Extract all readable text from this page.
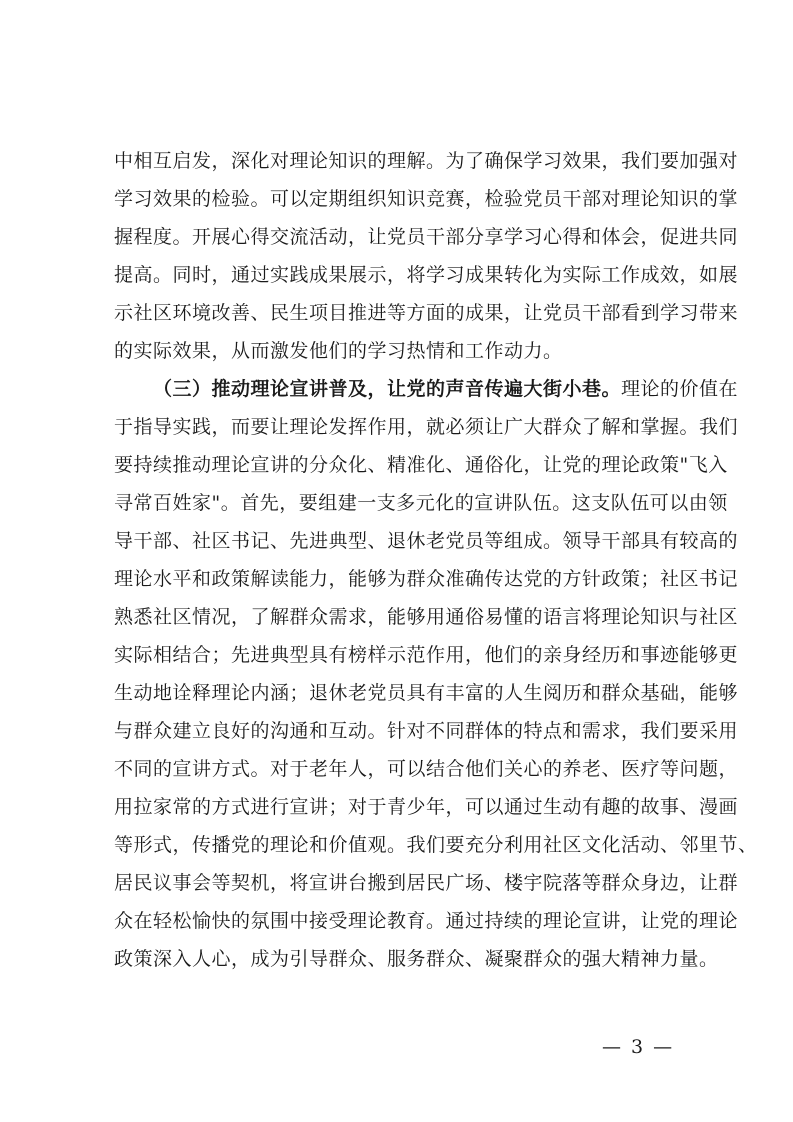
中相互启发，深化对理论知识的理解。为了确保学习效果，我们要加强对
学习效果的检验。可以定期组织知识竞赛，检验党员干部对理论知识的掌
握程度。开展心得交流活动，让党员干部分享学习心得和体会，促进共同
提高。同时，通过实践成果展示，将学习成果转化为实际工作成效，如展
示社区环境改善、民生项目推进等方面的成果，让党员干部看到学习带来
的实际效果，从而激发他们的学习热情和工作动力。
（三）推动理论宣讲普及，让党的声音传遍大街小巷。理论的价值在
于指导实践，而要让理论发挥作用，就必须让广大群众了解和掌握。我们
要持续推动理论宣讲的分众化、精准化、通俗化，让党的理论政策"飞入
寻常百姓家"。首先，要组建一支多元化的宣讲队伍。这支队伍可以由领
导干部、社区书记、先进典型、退休老党员等组成。领导干部具有较高的
理论水平和政策解读能力，能够为群众准确传达党的方针政策；社区书记
熟悉社区情况，了解群众需求，能够用通俗易懂的语言将理论知识与社区
实际相结合；先进典型具有榜样示范作用，他们的亲身经历和事迹能够更
生动地诠释理论内涵；退休老党员具有丰富的人生阅历和群众基础，能够
与群众建立良好的沟通和互动。针对不同群体的特点和需求，我们要采用
不同的宣讲方式。对于老年人，可以结合他们关心的养老、医疗等问题，
用拉家常的方式进行宣讲；对于青少年，可以通过生动有趣的故事、漫画
等形式，传播党的理论和价值观。我们要充分利用社区文化活动、邻里节、
居民议事会等契机，将宣讲台搬到居民广场、楼宇院落等群众身边，让群
众在轻松愉快的氛围中接受理论教育。通过持续的理论宣讲，让党的理论
政策深入人心，成为引导群众、服务群众、凝聚群众的强大精神力量。
— 3 —
